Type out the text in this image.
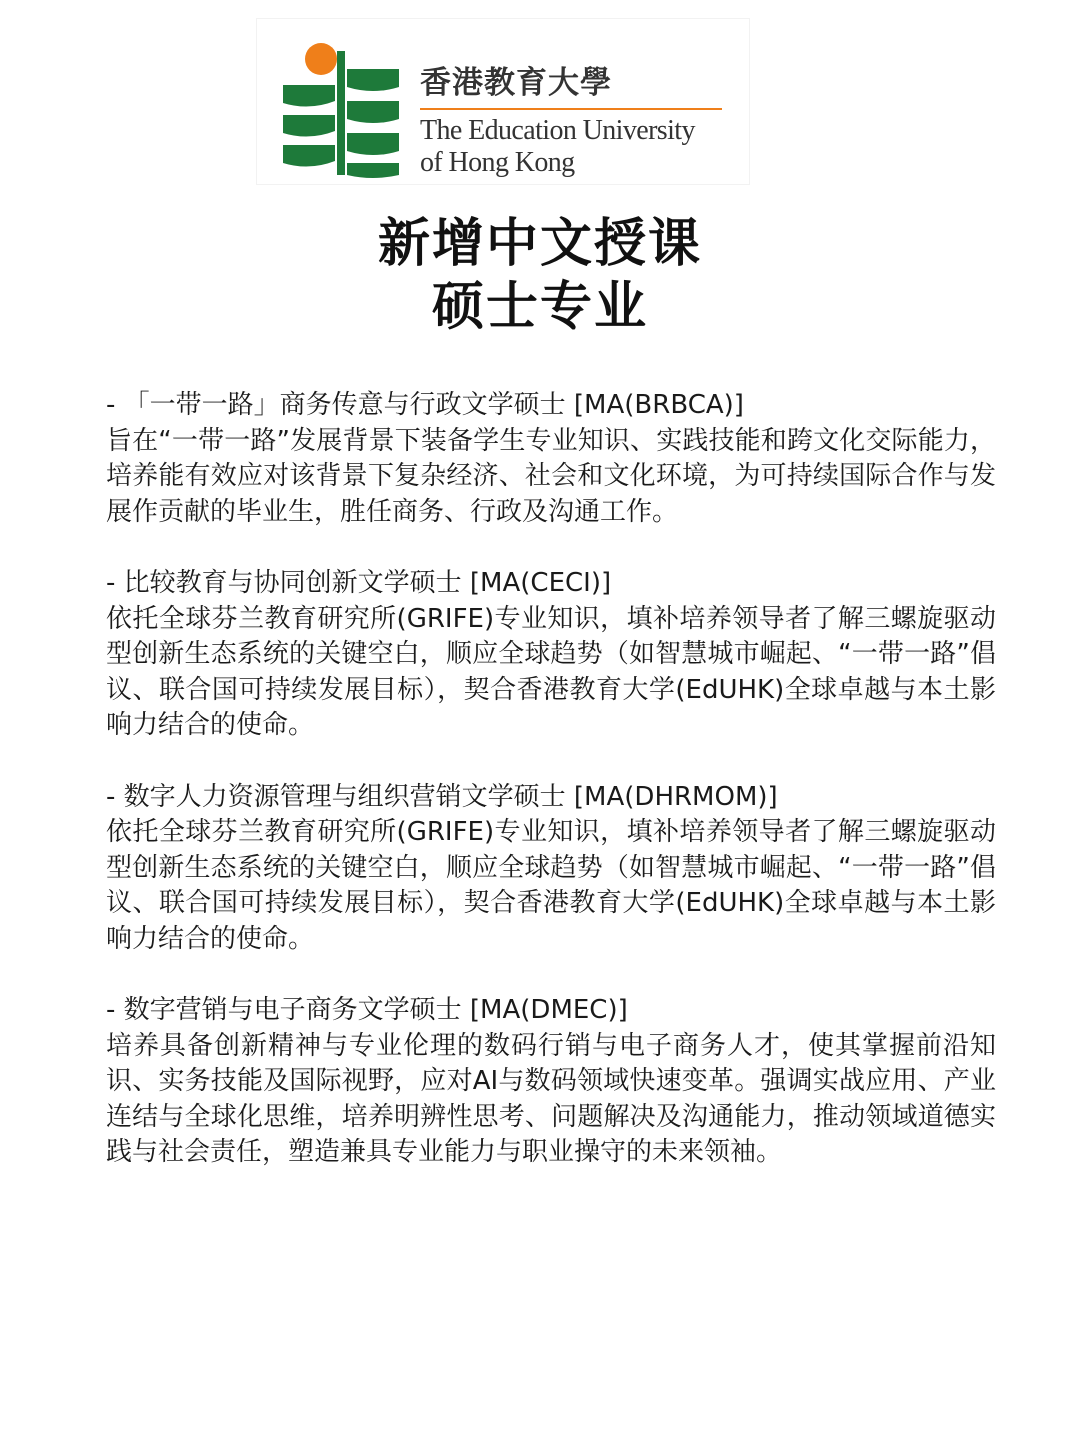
香港教育大學
The Education University
of Hong Kong
新增中文授课
硕士专业
- 「一带一路」商务传意与行政文学硕士 [MA(BRBCA)]
旨在“一带一路”发展背景下装备学生专业知识、实践技能和跨文化交际能力，培养能有效应对该背景下复杂经济、社会和文化环境，为可持续国际合作与发展作贡献的毕业生，胜任商务、行政及沟通工作。
- 比较教育与协同创新文学硕士 [MA(CECI)]
依托全球芬兰教育研究所(GRIFE)专业知识，填补培养领导者了解三螺旋驱动型创新生态系统的关键空白，顺应全球趋势（如智慧城市崛起、“一带一路”倡议、联合国可持续发展目标），契合香港教育大学(EdUHK)全球卓越与本土影响力结合的使命。
- 数字人力资源管理与组织营销文学硕士 [MA(DHRMOM)]
依托全球芬兰教育研究所(GRIFE)专业知识，填补培养领导者了解三螺旋驱动型创新生态系统的关键空白，顺应全球趋势（如智慧城市崛起、“一带一路”倡议、联合国可持续发展目标），契合香港教育大学(EdUHK)全球卓越与本土影响力结合的使命。
- 数字营销与电子商务文学硕士 [MA(DMEC)]
培养具备创新精神与专业伦理的数码行销与电子商务人才，使其掌握前沿知识、实务技能及国际视野，应对AI与数码领域快速变革。强调实战应用、产业连结与全球化思维，培养明辨性思考、问题解决及沟通能力，推动领域道德实践与社会责任，塑造兼具专业能力与职业操守的未来领袖。
